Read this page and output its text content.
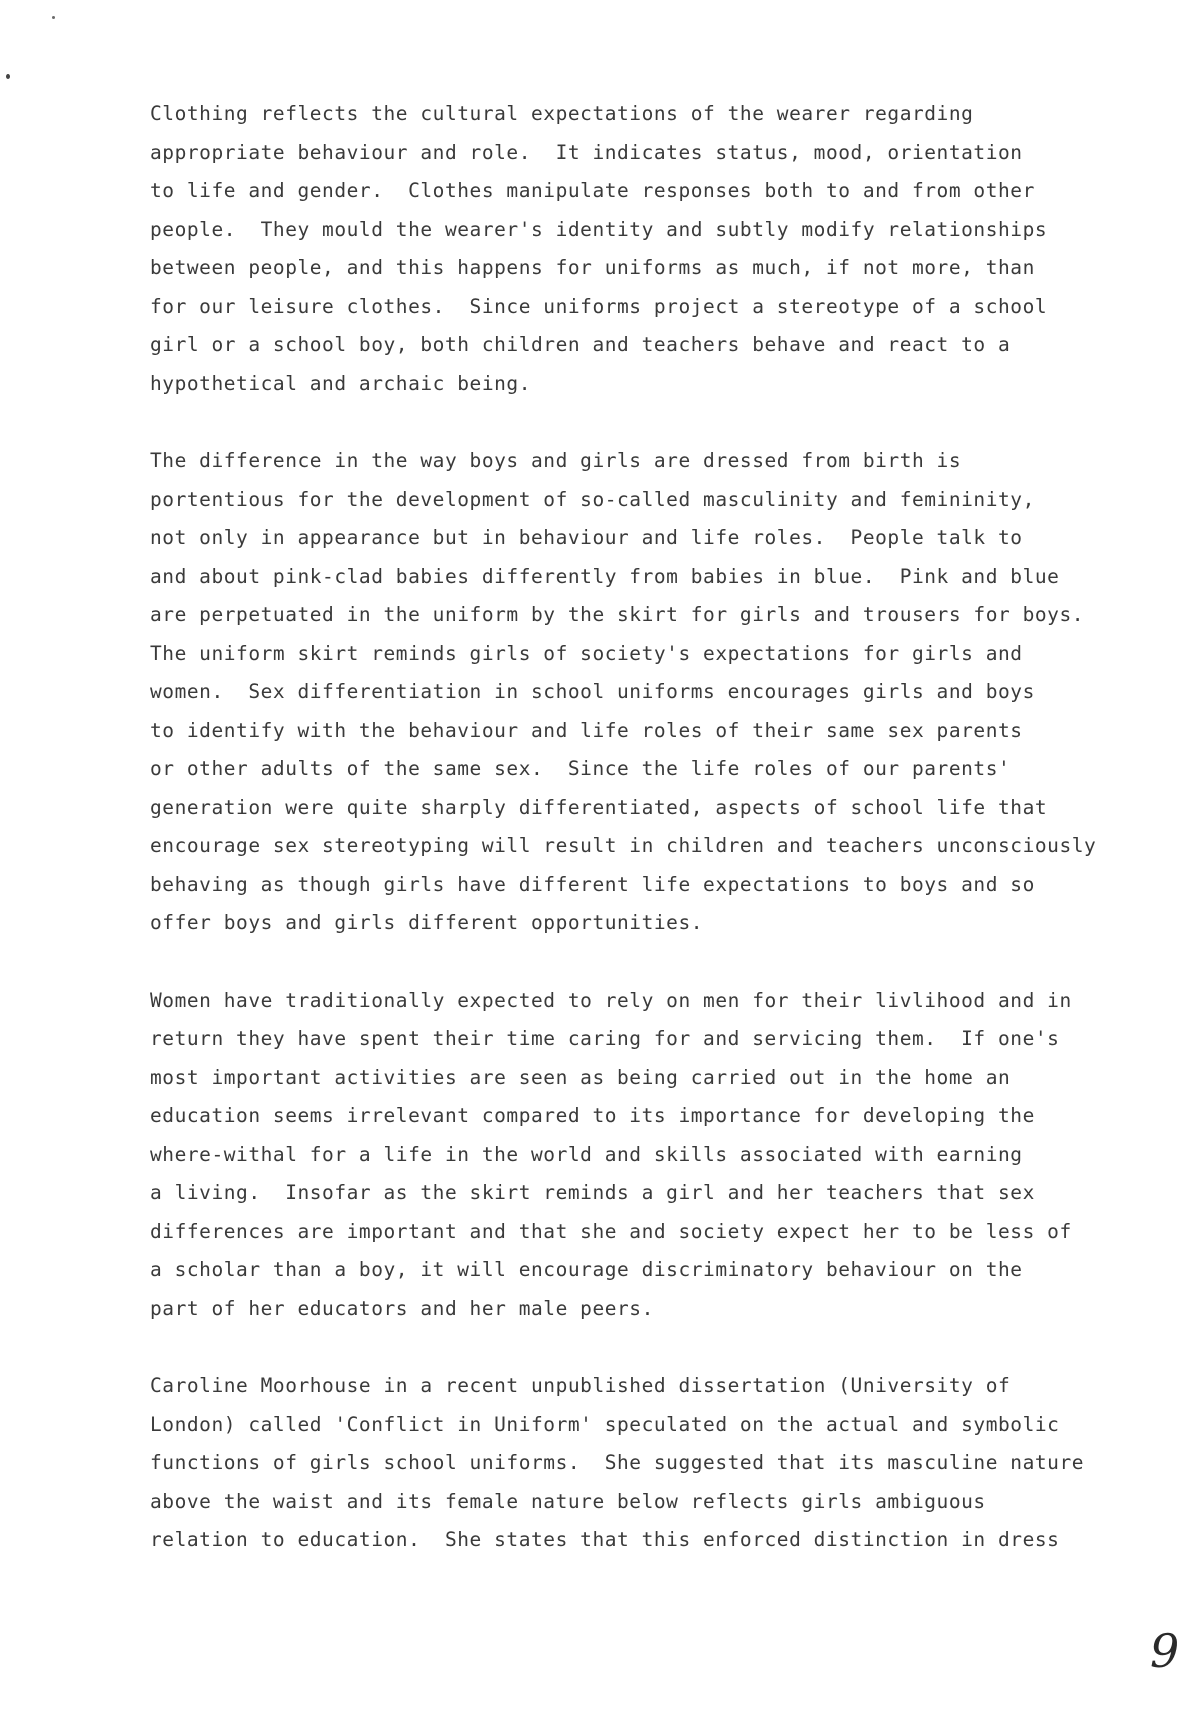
Clothing reflects the cultural expectations of the wearer regarding
appropriate behaviour and role.  It indicates status, mood, orientation
to life and gender.  Clothes manipulate responses both to and from other
people.  They mould the wearer's identity and subtly modify relationships
between people, and this happens for uniforms as much, if not more, than
for our leisure clothes.  Since uniforms project a stereotype of a school
girl or a school boy, both children and teachers behave and react to a
hypothetical and archaic being.
The difference in the way boys and girls are dressed from birth is
portentious for the development of so-called masculinity and femininity,
not only in appearance but in behaviour and life roles.  People talk to
and about pink-clad babies differently from babies in blue.  Pink and blue
are perpetuated in the uniform by the skirt for girls and trousers for boys.
The uniform skirt reminds girls of society's expectations for girls and
women.  Sex differentiation in school uniforms encourages girls and boys
to identify with the behaviour and life roles of their same sex parents
or other adults of the same sex.  Since the life roles of our parents'
generation were quite sharply differentiated, aspects of school life that
encourage sex stereotyping will result in children and teachers unconsciously
behaving as though girls have different life expectations to boys and so
offer boys and girls different opportunities.
Women have traditionally expected to rely on men for their livlihood and in
return they have spent their time caring for and servicing them.  If one's
most important activities are seen as being carried out in the home an
education seems irrelevant compared to its importance for developing the
where-withal for a life in the world and skills associated with earning
a living.  Insofar as the skirt reminds a girl and her teachers that sex
differences are important and that she and society expect her to be less of
a scholar than a boy, it will encourage discriminatory behaviour on the
part of her educators and her male peers.
Caroline Moorhouse in a recent unpublished dissertation (University of
London) called 'Conflict in Uniform' speculated on the actual and symbolic
functions of girls school uniforms.  She suggested that its masculine nature
above the waist and its female nature below reflects girls ambiguous
relation to education.  She states that this enforced distinction in dress
9
